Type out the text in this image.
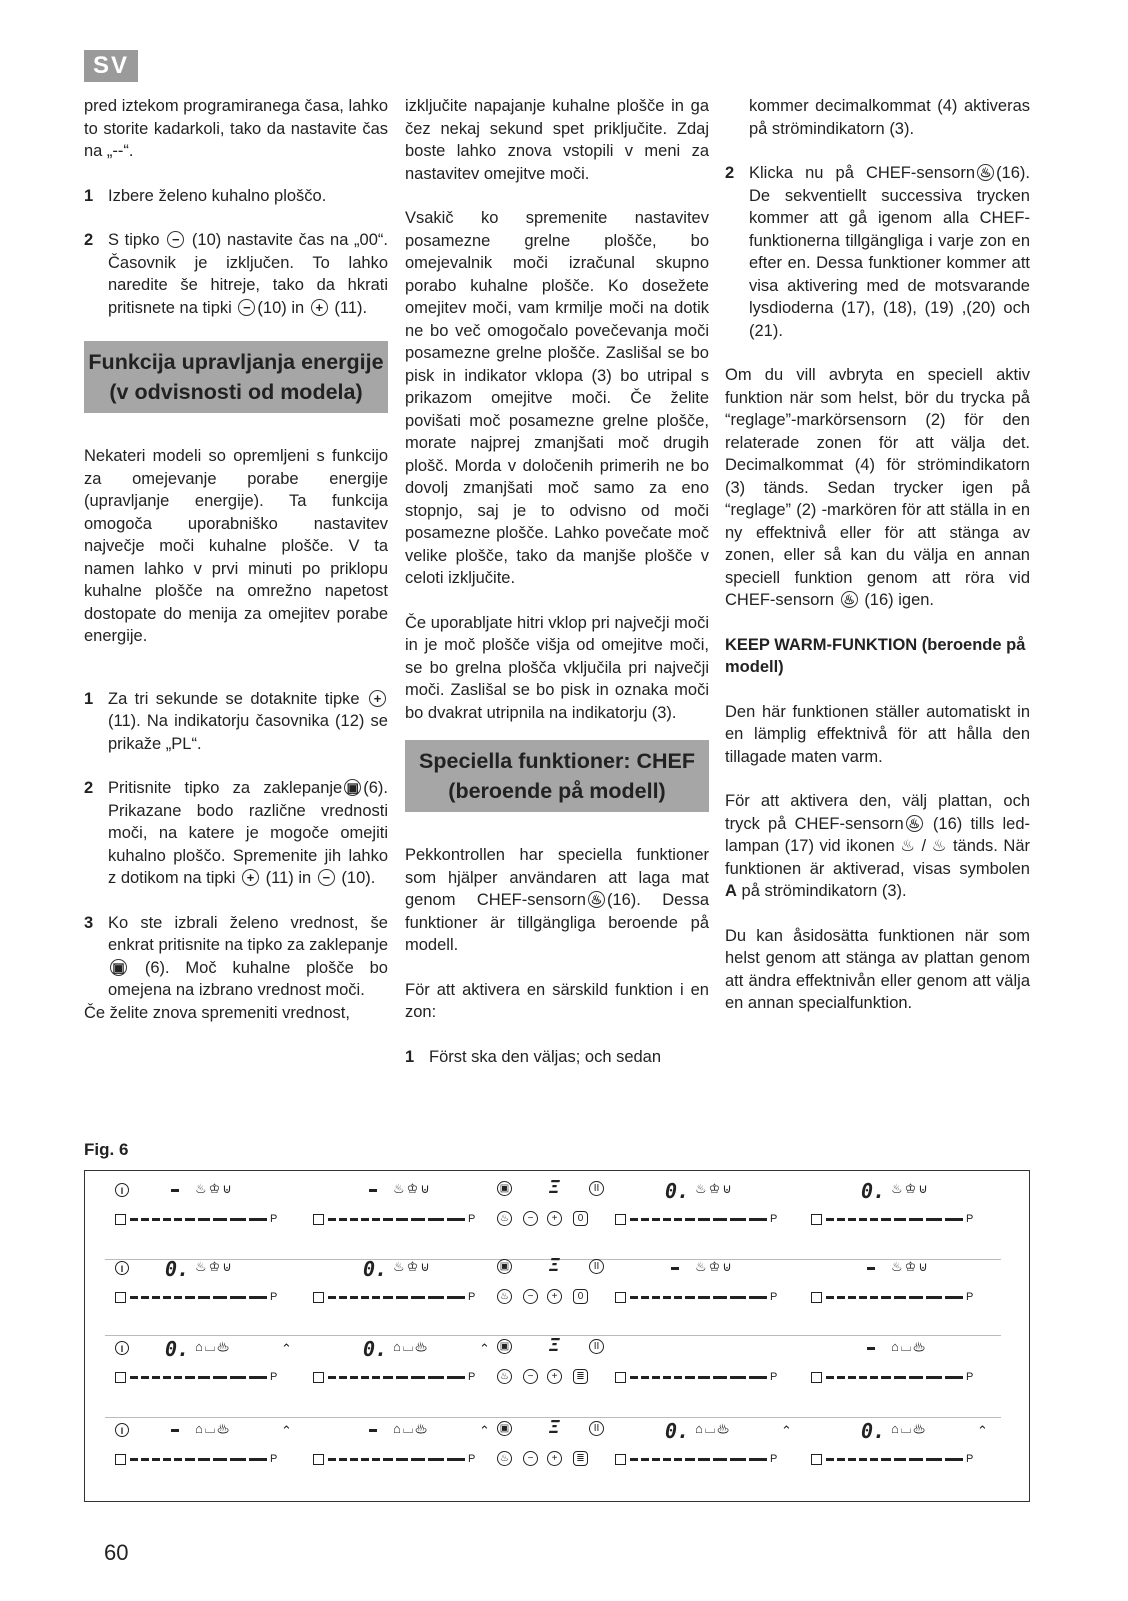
SV

pred iztekom programiranega časa, lahko to storite kadarkoli, tako da nastavite čas na „--“.

1 Izbere želeno kuhalno ploščo.
2 S tipko − (10) nastavite čas na „00“. Časovnik je izključen. To lahko naredite še hitreje, tako da hkrati pritisnete na tipki − (10) in + (11).
Funkcija upravljanja energije (v odvisnosti od modela)

Nekateri modeli so opremljeni s funkcijo za omejevanje porabe energije (upravljanje energije). Ta funkcija omogoča uporabniško nastavitev največje moči kuhalne plošče. V ta namen lahko v prvi minuti po priklopu kuhalne plošče na omrežno napetost dostopate do menija za omejitev porabe energije.

1 Za tri sekunde se dotaknite tipke + (11). Na indikatorju časovnika (12) se prikaže „PL“.
2 Pritisnite tipko za zaklepanje ▣ (6). Prikazane bodo različne vrednosti moči, na katere je mogoče omejiti kuhalno ploščo. Spremenite jih lahko z dotikom na tipki + (11) in − (10).
3 Ko ste izbrali želeno vrednost, še enkrat pritisnite na tipko za zaklepanje ▣ (6). Moč kuhalne plošče bo omejena na izbrano vrednost moči.

Če želite znova spremeniti vrednost,

izključite napajanje kuhalne plošče in ga čez nekaj sekund spet priključite. Zdaj boste lahko znova vstopili v meni za nastavitev omejitve moči.

Vsakič ko spremenite nastavitev posamezne grelne plošče, bo omejevalnik moči izračunal skupno porabo kuhalne plošče. Ko dosežete omejitev moči, vam krmilje moči na dotik ne bo več omogočalo povečevanja moči posamezne grelne plošče. Zaslišal se bo pisk in indikator vklopa (3) bo utripal s prikazom omejitve moči. Če želite povišati moč posamezne grelne plošče, morate najprej zmanjšati moč drugih plošč. Morda v določenih primerih ne bo dovolj zmanjšati moč samo za eno stopnjo, saj je to odvisno od moči posamezne plošče. Lahko povečate moč velike plošče, tako da manjše plošče v celoti izključite.

Če uporabljate hitri vklop pri največji moči in je moč plošče višja od omejitve moči, se bo grelna plošča vključila pri največji moči. Zaslišal se bo pisk in oznaka moči bo dvakrat utripnila na indikatorju (3).

Speciella funktioner: CHEF (beroende på modell)

Pekkontrollen har speciella funktioner som hjälper användaren att laga mat genom CHEF-sensorn ♨ (16). Dessa funktioner är tillgängliga beroende på modell.

För att aktivera en särskild funktion i en zon:

1 Först ska den väljas; och sedan

kommer decimalkommat (4) aktiveras på strömindikatorn (3).

2 Klicka nu på CHEF-sensorn ♨ (16). De sekventiellt successiva trycken kommer att gå igenom alla CHEF-funktionerna tillgängliga i varje zon en efter en. Dessa funktioner kommer att visa aktivering med de motsvarande lysdioderna (17), (18), (19) ,(20) och (21).

Om du vill avbryta en speciell aktiv funktion när som helst, bör du trycka på “reglage”-markörsensorn (2) för den relaterade zonen för att välja det. Decimalkommat (4) för strömindikatorn (3) tänds. Sedan trycker igen på “reglage” (2) -markören för att ställa in en ny effektnivå eller för att stänga av zonen, eller så kan du välja en annan speciell funktion genom att röra vid CHEF-sensorn ♨ (16) igen.

KEEP WARM-FUNKTION (beroende på modell)

Den här funktionen ställer automatiskt in en lämplig effektnivå för att hålla den tillagade maten varm.

För att aktivera den, välj plattan, och tryck på CHEF-sensorn ♨ (16) tills led-lampan (17) vid ikonen ♨ / ♨ tänds. När funktionen är aktiverad, visas symbolen A på strömindikatorn (3).

Du kan åsidosätta funktionen när som helst genom att stänga av plattan genom att ändra effektnivån eller genom att välja en annan specialfunktion.

Fig. 6
I	♨♔⊍
P
♨♔⊍
P
0. ♨♔⊍
P
0. ♨♔⊍
P
▣ Ξ	II
♨	−	+	0
I 0. ♨♔⊍
P
0. ♨♔⊍
P
♨♔⊍
P
♨♔⊍
P
▣ Ξ	II
♨	−	+	0
I 0. ⌂⌴♨	⌃
P
0. ⌂⌴♨	⌃
P	P
⌂⌴♨
P
▣ Ξ	II
♨	−	+	≣
I	⌂⌴♨	⌃
P
⌂⌴♨	⌃
P
0. ⌂⌴♨	⌃
P
0. ⌂⌴♨	⌃
P
▣ Ξ	II
♨	−	+	≣
60
